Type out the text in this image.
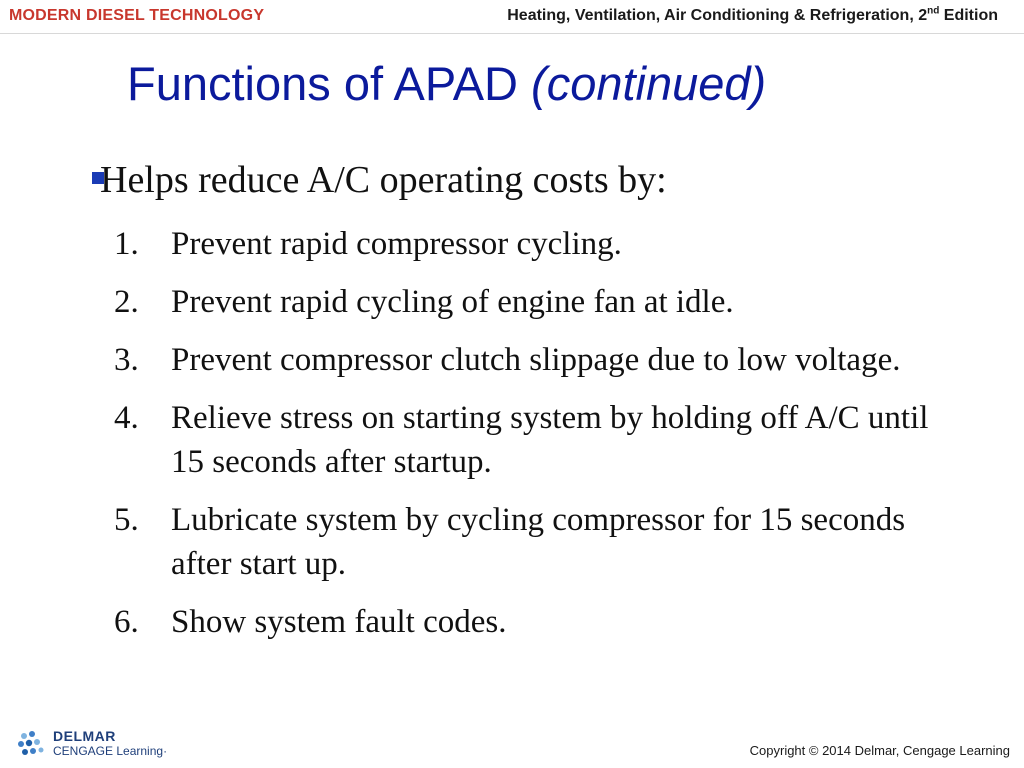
MODERN DIESEL TECHNOLOGY	Heating, Ventilation, Air Conditioning & Refrigeration, 2nd Edition
Functions of APAD (continued)
Helps reduce A/C operating costs by:
1. Prevent rapid compressor cycling.
2. Prevent rapid cycling of engine fan at idle.
3. Prevent compressor clutch slippage due to low voltage.
4. Relieve stress on starting system by holding off A/C until 15 seconds after startup.
5. Lubricate system by cycling compressor for 15 seconds after start up.
6. Show system fault codes.
DELMAR
CENGAGE Learning·	Copyright © 2014 Delmar, Cengage Learning
